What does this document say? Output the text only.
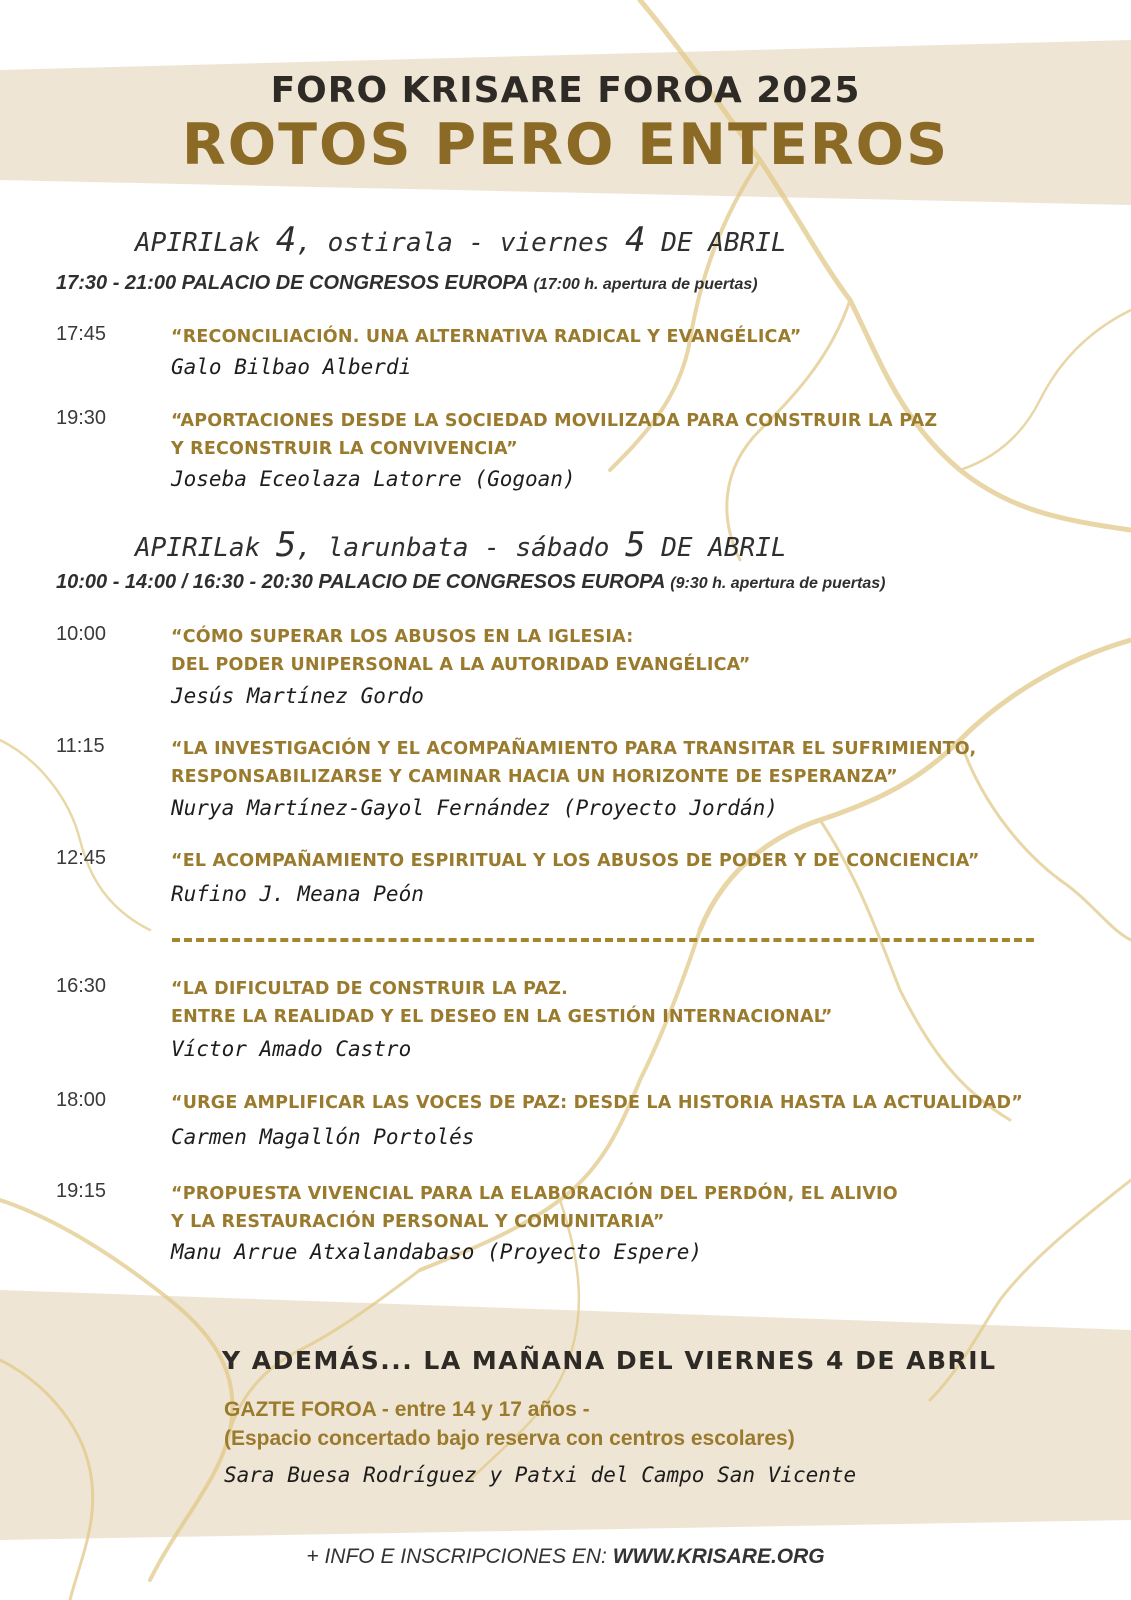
FORO KRISARE FOROA 2025
ROTOS PERO ENTEROS
APIRILak 4, ostirala - viernes 4 DE ABRIL
17:30 - 21:00 PALACIO DE CONGRESOS EUROPA (17:00 h. apertura de puertas)
17:45	“RECONCILIACIÓN. UNA ALTERNATIVA RADICAL Y EVANGÉLICA”
Galo Bilbao Alberdi
19:30	“APORTACIONES DESDE LA SOCIEDAD MOVILIZADA PARA CONSTRUIR LA PAZ
Y RECONSTRUIR LA CONVIVENCIA”
Joseba Eceolaza Latorre (Gogoan)
APIRILak 5, larunbata - sábado 5 DE ABRIL
10:00 - 14:00 / 16:30 - 20:30 PALACIO DE CONGRESOS EUROPA (9:30 h. apertura de puertas)
10:00	“CÓMO SUPERAR LOS ABUSOS EN LA IGLESIA:
DEL PODER UNIPERSONAL A LA AUTORIDAD EVANGÉLICA”
Jesús Martínez Gordo
11:15	“LA INVESTIGACIÓN Y EL ACOMPAÑAMIENTO PARA TRANSITAR EL SUFRIMIENTO,
RESPONSABILIZARSE Y CAMINAR HACIA UN HORIZONTE DE ESPERANZA”
Nurya Martínez-Gayol Fernández (Proyecto Jordán)
12:45	“EL ACOMPAÑAMIENTO ESPIRITUAL Y LOS ABUSOS DE PODER Y DE CONCIENCIA”
Rufino J. Meana Peón
16:30	“LA DIFICULTAD DE CONSTRUIR LA PAZ.
ENTRE LA REALIDAD Y EL DESEO EN LA GESTIÓN INTERNACIONAL”
Víctor Amado Castro
18:00	“URGE AMPLIFICAR LAS VOCES DE PAZ: DESDE LA HISTORIA HASTA LA ACTUALIDAD”
Carmen Magallón Portolés
19:15	“PROPUESTA VIVENCIAL PARA LA ELABORACIÓN DEL PERDÓN, EL ALIVIO
Y LA RESTAURACIÓN PERSONAL Y COMUNITARIA”
Manu Arrue Atxalandabaso (Proyecto Espere)
Y ADEMÁS... LA MAÑANA DEL VIERNES 4 DE ABRIL
GAZTE FOROA - entre 14 y 17 años -
(Espacio concertado bajo reserva con centros escolares)
Sara Buesa Rodríguez y Patxi del Campo San Vicente
+ INFO E INSCRIPCIONES EN: WWW.KRISARE.ORG
